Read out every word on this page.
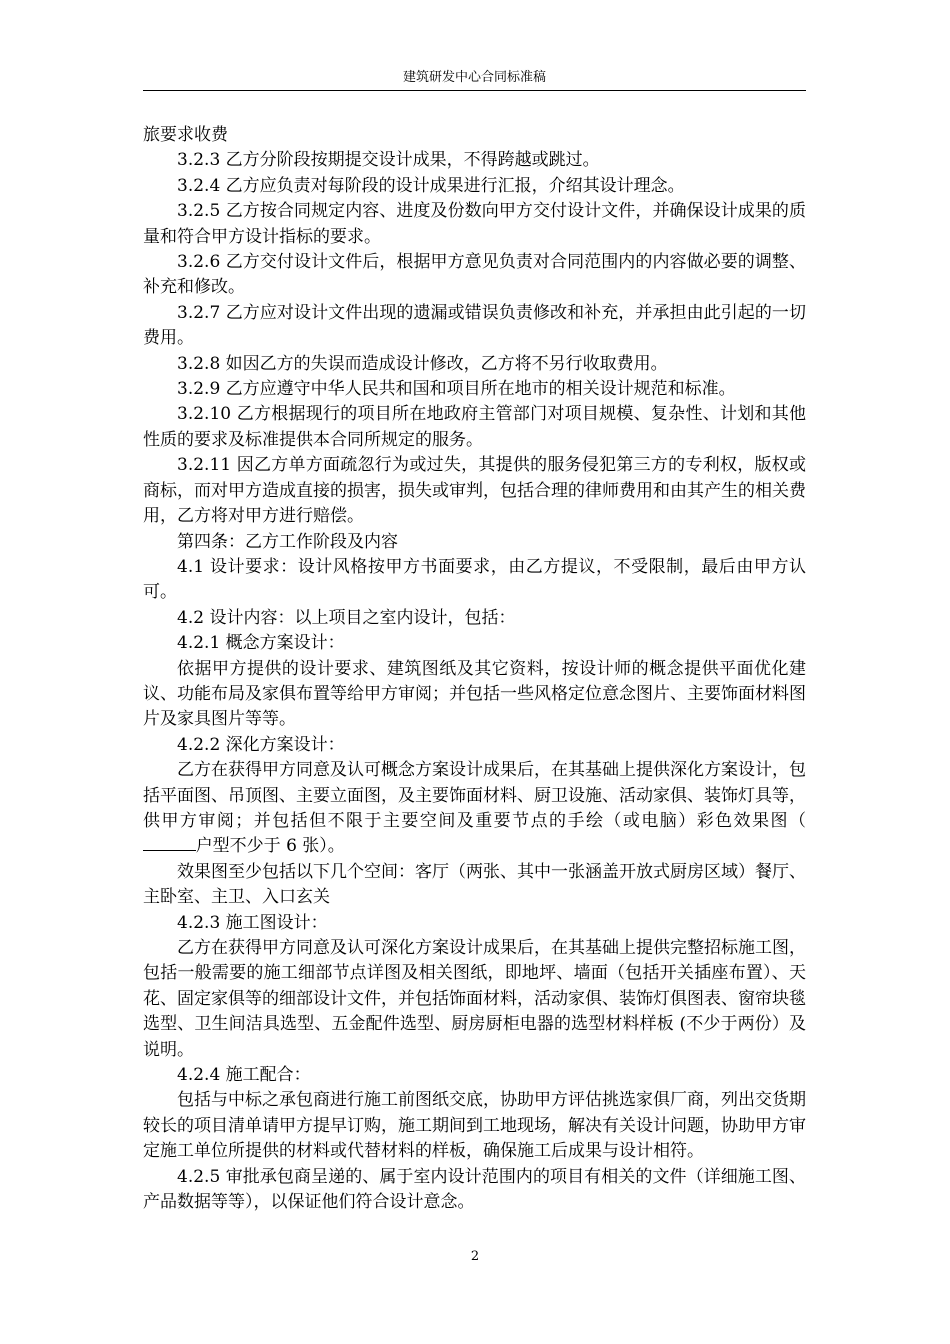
建筑研发中心合同标准稿

旅要求收费

3.2.3 乙方分阶段按期提交设计成果，不得跨越或跳过。

3.2.4 乙方应负责对每阶段的设计成果进行汇报，介绍其设计理念。

3.2.5 乙方按合同规定内容、进度及份数向甲方交付设计文件，并确保设计成果的质量和符合甲方设计指标的要求。

3.2.6 乙方交付设计文件后，根据甲方意见负责对合同范围内的内容做必要的调整、补充和修改。

3.2.7 乙方应对设计文件出现的遗漏或错误负责修改和补充，并承担由此引起的一切费用。

3.2.8 如因乙方的失误而造成设计修改，乙方将不另行收取费用。

3.2.9 乙方应遵守中华人民共和国和项目所在地市的相关设计规范和标准。

3.2.10 乙方根据现行的项目所在地政府主管部门对项目规模、复杂性、计划和其他性质的要求及标准提供本合同所规定的服务。

3.2.11 因乙方单方面疏忽行为或过失，其提供的服务侵犯第三方的专利权，版权或商标，而对甲方造成直接的损害，损失或审判，包括合理的律师费用和由其产生的相关费用，乙方将对甲方进行赔偿。

第四条：乙方工作阶段及内容

4.1 设计要求：设计风格按甲方书面要求，由乙方提议，不受限制，最后由甲方认可。

4.2 设计内容：以上项目之室内设计，包括：

4.2.1 概念方案设计：

依据甲方提供的设计要求、建筑图纸及其它资料，按设计师的概念提供平面优化建议、功能布局及家俱布置等给甲方审阅；并包括一些风格定位意念图片、主要饰面材料图片及家具图片等等。

4.2.2 深化方案设计：

乙方在获得甲方同意及认可概念方案设计成果后，在其基础上提供深化方案设计，包括平面图、吊顶图、主要立面图，及主要饰面材料、厨卫设施、活动家俱、装饰灯具等，供甲方审阅；并包括但不限于主要空间及重要节点的手绘（或电脑）彩色效果图（户型不少于 6 张）。

效果图至少包括以下几个空间：客厅（两张、其中一张涵盖开放式厨房区域）餐厅、主卧室、主卫、入口玄关

4.2.3 施工图设计：

乙方在获得甲方同意及认可深化方案设计成果后，在其基础上提供完整招标施工图，包括一般需要的施工细部节点详图及相关图纸，即地坪、墙面（包括开关插座布置）、天花、固定家俱等的细部设计文件，并包括饰面材料，活动家俱、装饰灯俱图表、窗帘块毯选型、卫生间洁具选型、五金配件选型、厨房厨柜电器的选型材料样板 (不少于两份）及说明。

4.2.4 施工配合：

包括与中标之承包商进行施工前图纸交底，协助甲方评估挑选家俱厂商，列出交货期较长的项目清单请甲方提早订购，施工期间到工地现场，解决有关设计问题，协助甲方审定施工单位所提供的材料或代替材料的样板，确保施工后成果与设计相符。

4.2.5 审批承包商呈递的、属于室内设计范围内的项目有相关的文件（详细施工图、产品数据等等），以保证他们符合设计意念。

2
